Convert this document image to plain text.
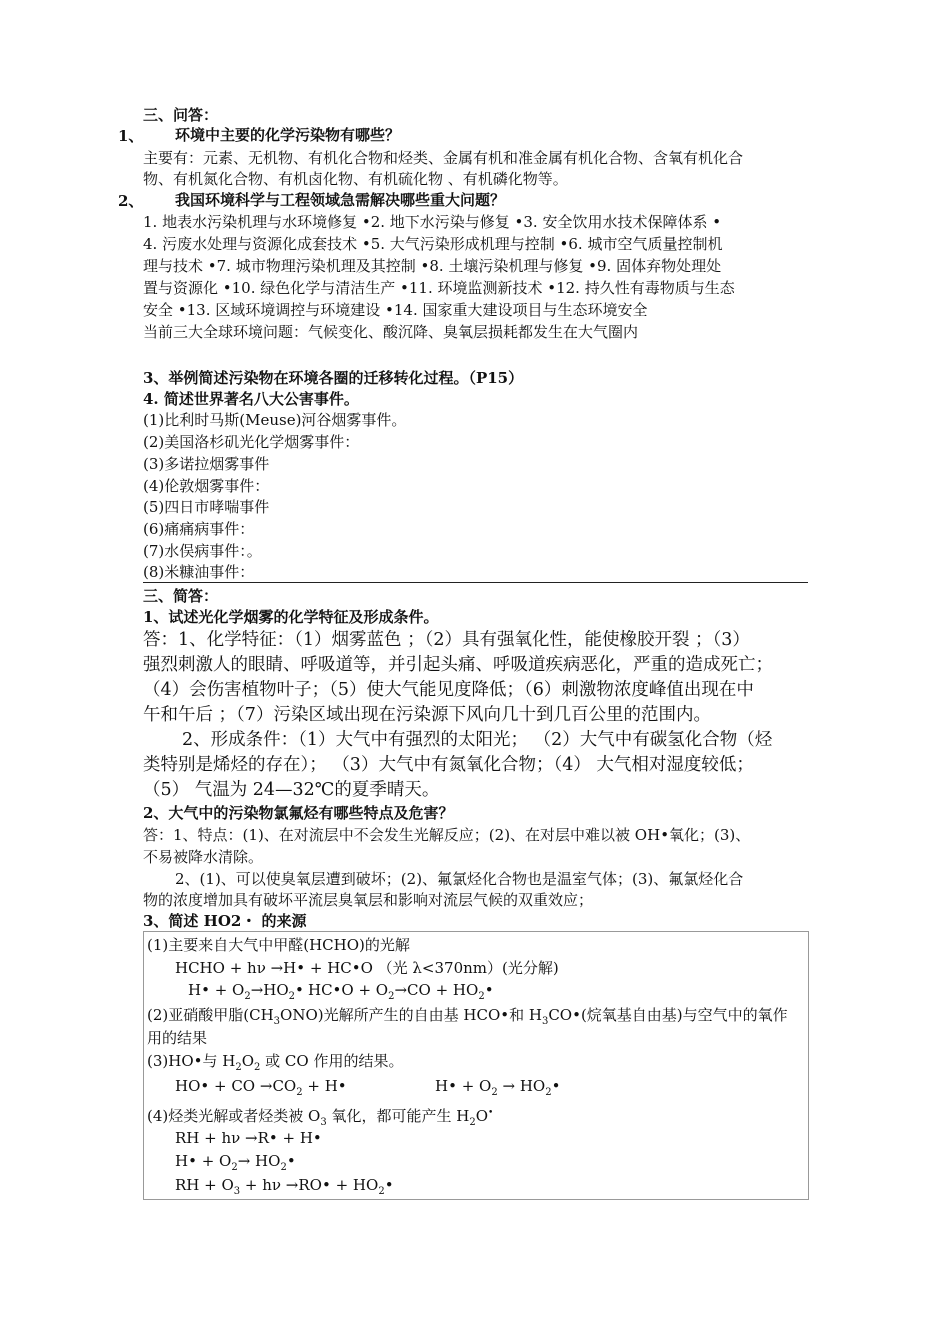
三、问答：
1、 环境中主要的化学污染物有哪些？
主要有：元素、无机物、有机化合物和烃类、金属有机和准金属有机化合物、含氧有机化合
物、有机氮化合物、有机卤化物、有机硫化物 、有机磷化物等。
2、 我国环境科学与工程领域急需解决哪些重大问题？
1. 地表水污染机理与水环境修复 •2. 地下水污染与修复 •3. 安全饮用水技术保障体系 •
4. 污废水处理与资源化成套技术 •5. 大气污染形成机理与控制 •6. 城市空气质量控制机
理与技术 •7. 城市物理污染机理及其控制 •8. 土壤污染机理与修复 •9. 固体弃物处理处
置与资源化 •10. 绿色化学与清洁生产 •11. 环境监测新技术 •12. 持久性有毒物质与生态
安全 •13. 区域环境调控与环境建设 •14. 国家重大建设项目与生态环境安全
当前三大全球环境问题：气候变化、酸沉降、臭氧层损耗都发生在大气圈内
3、举例简述污染物在环境各圈的迁移转化过程。（P15）
4. 简述世界著名八大公害事件。
(1)比利时马斯(Meuse)河谷烟雾事件。
(2)美国洛杉矶光化学烟雾事件：
(3)多诺拉烟雾事件
(4)伦敦烟雾事件：
(5)四日市哮喘事件
(6)痛痛病事件：
(7)水俣病事件：。
(8)米糠油事件：
三、简答：
1、试述光化学烟雾的化学特征及形成条件。
答：1、化学特征：（1）烟雾蓝色 ；（2）具有强氧化性，能使橡胶开裂 ；（3）
强烈刺激人的眼睛、呼吸道等，并引起头痛、呼吸道疾病恶化，严重的造成死亡；
（4）会伤害植物叶子；（5）使大气能见度降低；（6）刺激物浓度峰值出现在中
午和午后 ；（7）污染区域出现在污染源下风向几十到几百公里的范围内。
2、形成条件：（1）大气中有强烈的太阳光； （2）大气中有碳氢化合物（烃
类特别是烯烃的存在）； （3）大气中有氮氧化合物；（4） 大气相对湿度较低；
（5） 气温为 24—32℃的夏季晴天。
2、大气中的污染物氯氟烃有哪些特点及危害？
答：1、特点：(1)、在对流层中不会发生光解反应；(2)、在对层中难以被 OH•氧化；(3)、
不易被降水清除。
2、(1)、可以使臭氧层遭到破坏；(2)、氟氯烃化合物也是温室气体；(3)、氟氯烃化合
物的浓度增加具有破坏平流层臭氧层和影响对流层气候的双重效应；
3、简述 HO2・ 的来源
(1)主要来自大气中甲醛(HCHO)的光解
HCHO + hν →H• + HC•O （光 λ<370nm）(光分解)
H• + $O_2\to HO_2•$ HC•O + $O_2\to CO$ + $HO_2•$
(2)亚硝酸甲脂$(CH_3ONO)$光解所产生的自由基 HCO•和 $H_3CO•$(烷氧基自由基)与空气中的氧作
用的结果
(3)HO•与 $H_2O_2$ 或 CO 作用的结果。
HO• + CO $\to CO_2$ + H•	H• + $O_2$ → $HO_2•$
(4)烃类光解或者烃类被 $O_3$ 氧化，都可能产生 $H_2O^•$
RH + hν →R• + H•
H• + $O_2\to$ $HO_2•$
RH + $O_3 + h\nu$ →RO• + $HO_2•$
